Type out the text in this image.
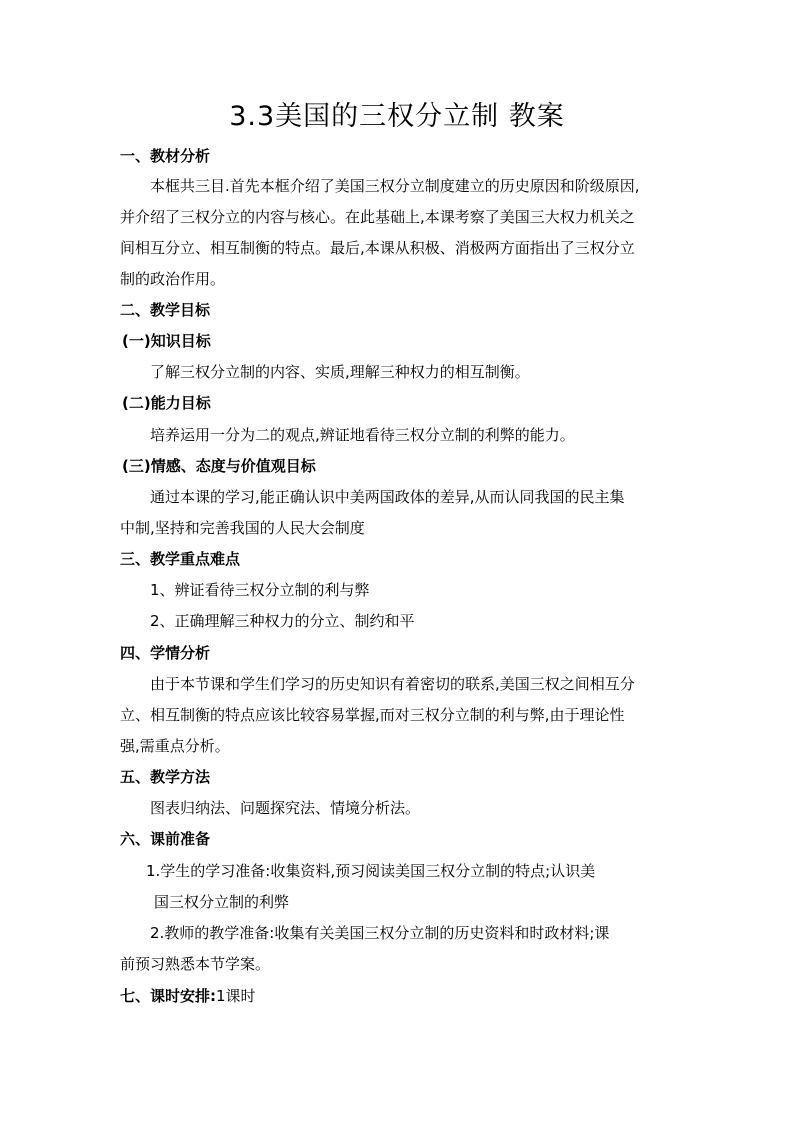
3.3美国的三权分立制 教案
一、教材分析
本框共三目.首先本框介绍了美国三权分立制度建立的历史原因和阶级原因,
并介绍了三权分立的内容与核心。在此基础上,本课考察了美国三大权力机关之
间相互分立、相互制衡的特点。最后,本课从积极、消极两方面指出了三权分立
制的政治作用。
二、教学目标
(一)知识目标
了解三权分立制的内容、实质,理解三种权力的相互制衡。
(二)能力目标
培养运用一分为二的观点,辨证地看待三权分立制的利弊的能力。
(三)情感、态度与价值观目标
通过本课的学习,能正确认识中美两国政体的差异,从而认同我国的民主集
中制,坚持和完善我国的人民大会制度
三、教学重点难点
1、辨证看待三权分立制的利与弊
2、正确理解三种权力的分立、制约和平
四、学情分析
由于本节课和学生们学习的历史知识有着密切的联系,美国三权之间相互分
立、相互制衡的特点应该比较容易掌握,而对三权分立制的利与弊,由于理论性
强,需重点分析。
五、教学方法
图表归纳法、问题探究法、情境分析法。
六、课前准备
1.学生的学习准备:收集资料,预习阅读美国三权分立制的特点;认识美
国三权分立制的利弊
2.教师的教学准备:收集有关美国三权分立制的历史资料和时政材料;课
前预习熟悉本节学案。
七、课时安排:1课时
